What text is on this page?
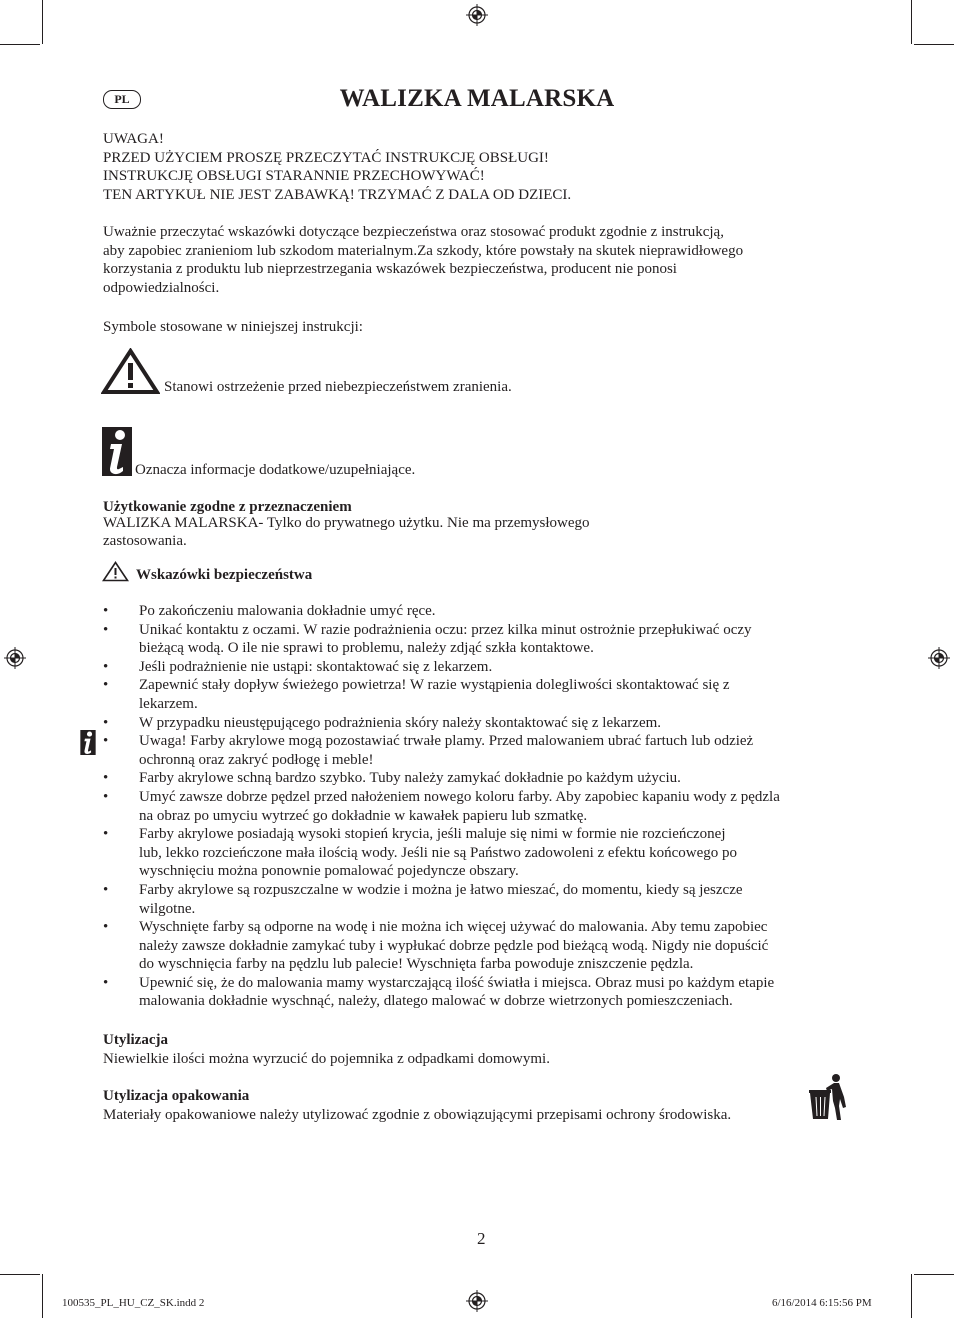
PL	WALIZKA MALARSKA
UWAGA!
PRZED UŻYCIEM PROSZĘ PRZECZYTAĆ INSTRUKCJĘ OBSŁUGI!
INSTRUKCJĘ OBSŁUGI STARANNIE PRZECHOWYWAĆ!
TEN ARTYKUŁ NIE JEST ZABAWKĄ! TRZYMAĆ Z DALA OD DZIECI.
Uważnie przeczytać wskazówki dotyczące bezpieczeństwa oraz stosować produkt zgodnie z instrukcją,
aby zapobiec zranieniom lub szkodom materialnym.Za szkody, które powstały na skutek nieprawidłowego
korzystania z produktu lub nieprzestrzegania wskazówek bezpieczeństwa, producent nie ponosi
odpowiedzialności.
Symbole stosowane w niniejszej instrukcji:
Stanowi ostrzeżenie przed niebezpieczeństwem zranienia.
Oznacza informacje dodatkowe/uzupełniające.
Użytkowanie zgodne z przeznaczeniem
WALIZKA MALARSKA- Tylko do prywatnego użytku. Nie ma przemysłowego
zastosowania.
Wskazówki bezpieczeństwa
• Po zakończeniu malowania dokładnie umyć ręce.
• Unikać kontaktu z oczami. W razie podrażnienia oczu: przez kilka minut ostrożnie przepłukiwać oczy
bieżącą wodą. O ile nie sprawi to problemu, należy zdjąć szkła kontaktowe.
• Jeśli podrażnienie nie ustąpi: skontaktować się z lekarzem.
• Zapewnić stały dopływ świeżego powietrza! W razie wystąpienia dolegliwości skontaktować się z
lekarzem.
• W przypadku nieustępującego podrażnienia skóry należy skontaktować się z lekarzem.
• Uwaga! Farby akrylowe mogą pozostawiać trwałe plamy. Przed malowaniem ubrać fartuch lub odzież
ochronną oraz zakryć podłogę i meble!
• Farby akrylowe schną bardzo szybko. Tuby należy zamykać dokładnie po każdym użyciu.
• Umyć zawsze dobrze pędzel przed nałożeniem nowego koloru farby. Aby zapobiec kapaniu wody z pędzla
na obraz po umyciu wytrzeć go dokładnie w kawałek papieru lub szmatkę.
• Farby akrylowe posiadają wysoki stopień krycia, jeśli maluje się nimi w formie nie rozcieńczonej
lub, lekko rozcieńczone mała ilością wody. Jeśli nie są Państwo zadowoleni z efektu końcowego po
wyschnięciu można ponownie pomalować pojedyncze obszary.
• Farby akrylowe są rozpuszczalne w wodzie i można je łatwo mieszać, do momentu, kiedy są jeszcze
wilgotne.
• Wyschnięte farby są odporne na wodę i nie można ich więcej używać do malowania. Aby temu zapobiec
należy zawsze dokładnie zamykać tuby i wypłukać dobrze pędzle pod bieżącą wodą. Nigdy nie dopuścić
do wyschnięcia farby na pędzlu lub palecie! Wyschnięta farba powoduje zniszczenie pędzla.
• Upewnić się, że do malowania mamy wystarczającą ilość światła i miejsca. Obraz musi po każdym etapie
malowania dokładnie wyschnąć, należy, dlatego malować w dobrze wietrzonych pomieszczeniach.
Utylizacja
Niewielkie ilości można wyrzucić do pojemnika z odpadkami domowymi.
Utylizacja opakowania
Materiały opakowaniowe należy utylizować zgodnie z obowiązującymi przepisami ochrony środowiska.
2
100535_PL_HU_CZ_SK.indd 2	6/16/2014 6:15:56 PM
